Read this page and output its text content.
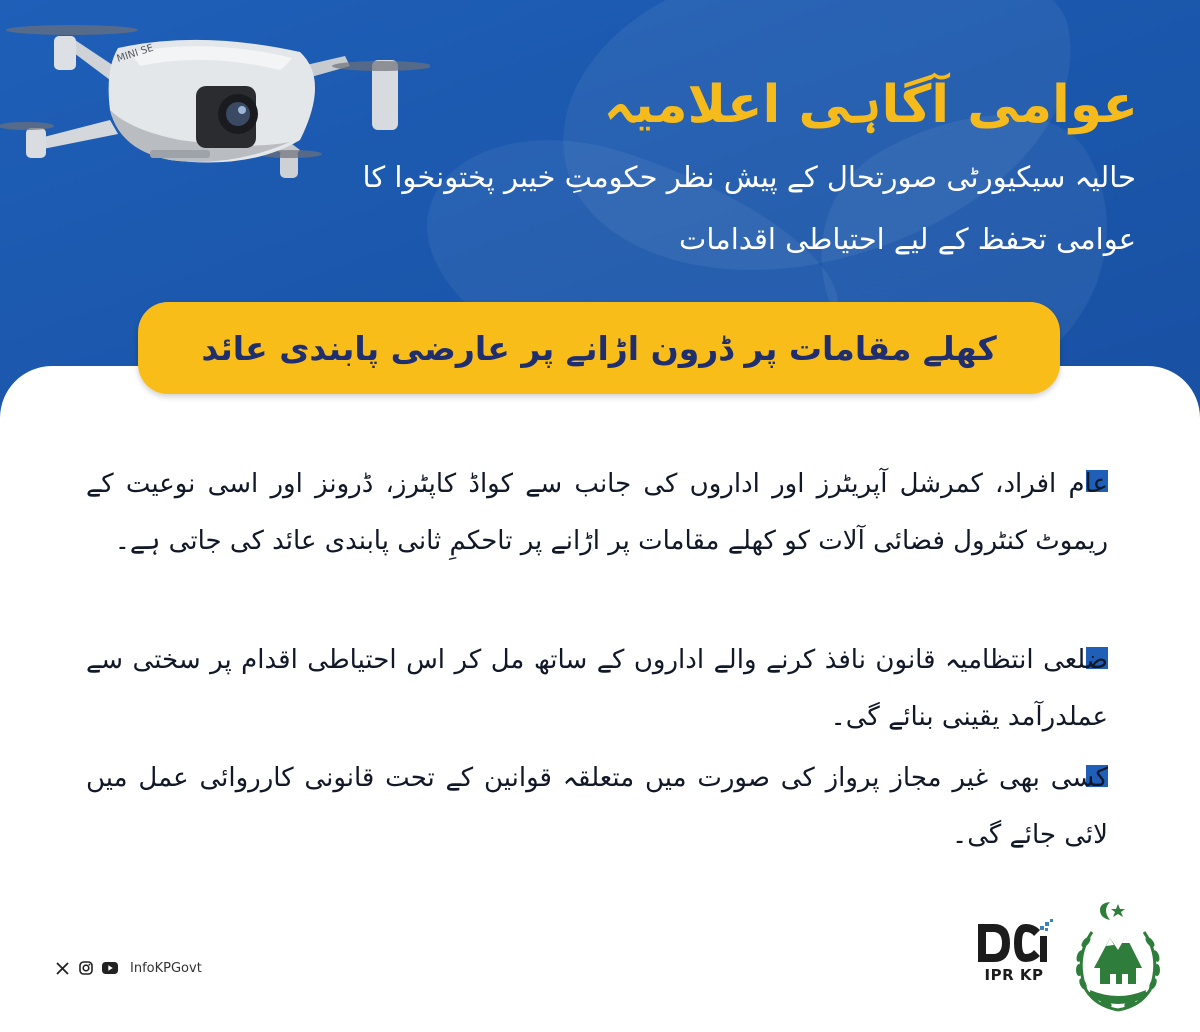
MINI SE
عوامی آگاہی اعلامیہ

حالیہ سیکیورٹی صورتحال کے پیش نظر حکومتِ خیبر پختونخوا کا

عوامی تحفظ کے لیے احتیاطی اقدامات

کھلے مقامات پر ڈرون اڑانے پر عارضی پابندی عائد

عام افراد، کمرشل آپریٹرز اور اداروں کی جانب سے کواڈ کاپٹرز، ڈرونز اور اسی نوعیت کے ریموٹ کنٹرول فضائی آلات کو کھلے مقامات پر اڑانے پر تاحکمِ ثانی پابندی عائد کی جاتی ہے۔

ضلعی انتظامیہ قانون نافذ کرنے والے اداروں کے ساتھ مل کر اس احتیاطی اقدام پر سختی سے عملدرآمد یقینی بنائے گی۔

کسی بھی غیر مجاز پرواز کی صورت میں متعلقہ قوانین کے تحت قانونی کارروائی عمل میں لائی جائے گی۔

InfoKPGovt	IPR KP
